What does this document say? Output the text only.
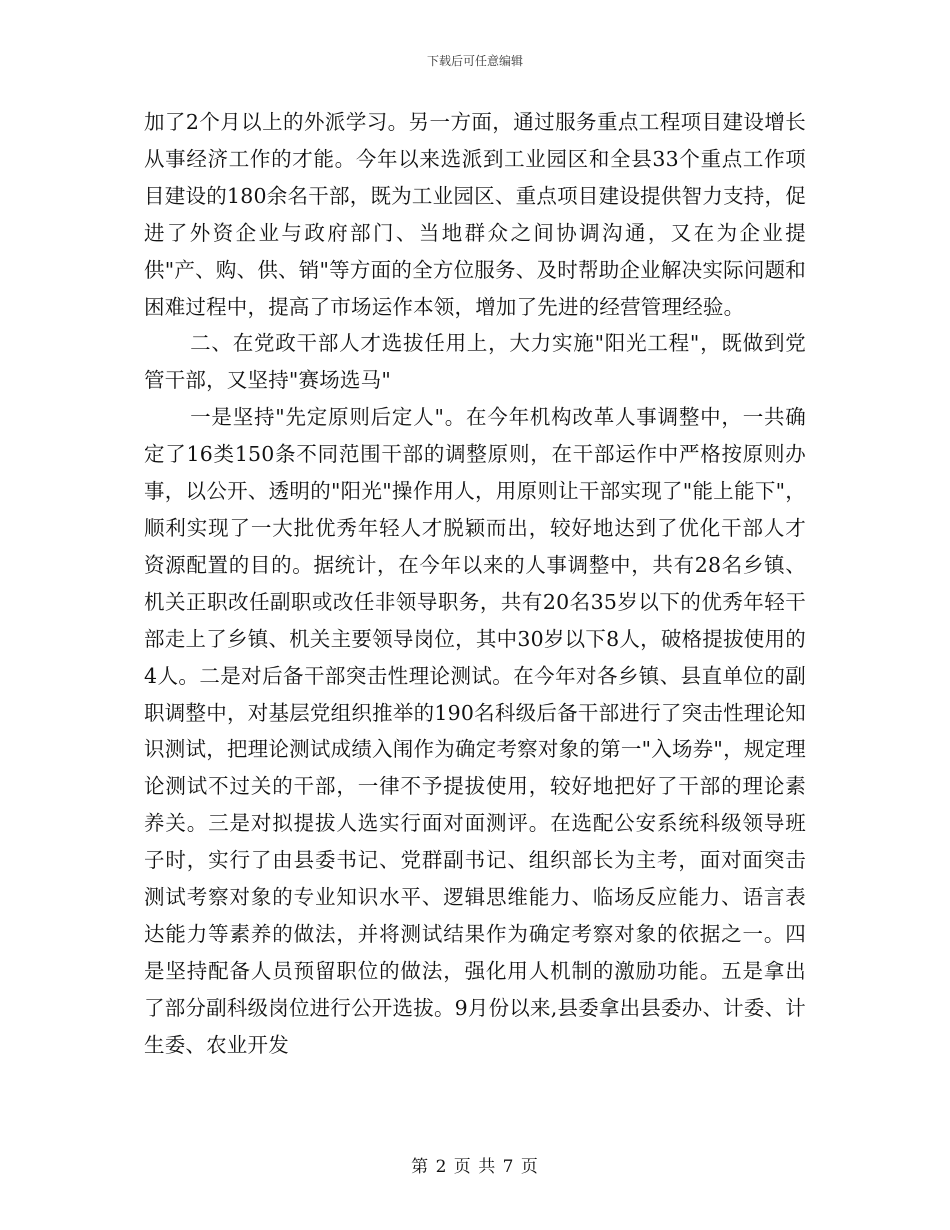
下载后可任意编辑

加了2个月以上的外派学习。另一方面，通过服务重点工程项目建设增长从事经济工作的才能。今年以来选派到工业园区和全县33个重点工作项目建设的180余名干部，既为工业园区、重点项目建设提供智力支持，促进了外资企业与政府部门、当地群众之间协调沟通，又在为企业提供"产、购、供、销"等方面的全方位服务、及时帮助企业解决实际问题和困难过程中，提高了市场运作本领，增加了先进的经营管理经验。

二、在党政干部人才选拔任用上，大力实施"阳光工程"，既做到党管干部，又坚持"赛场选马"

一是坚持"先定原则后定人"。在今年机构改革人事调整中，一共确定了16类150条不同范围干部的调整原则，在干部运作中严格按原则办事，以公开、透明的"阳光"操作用人，用原则让干部实现了"能上能下"，顺利实现了一大批优秀年轻人才脱颖而出，较好地达到了优化干部人才资源配置的目的。据统计，在今年以来的人事调整中，共有28名乡镇、机关正职改任副职或改任非领导职务，共有20名35岁以下的优秀年轻干部走上了乡镇、机关主要领导岗位，其中30岁以下8人，破格提拔使用的4人。二是对后备干部突击性理论测试。在今年对各乡镇、县直单位的副职调整中，对基层党组织推举的190名科级后备干部进行了突击性理论知识测试，把理论测试成绩入闱作为确定考察对象的第一"入场券"，规定理论测试不过关的干部，一律不予提拔使用，较好地把好了干部的理论素养关。三是对拟提拔人选实行面对面测评。在选配公安系统科级领导班子时，实行了由县委书记、党群副书记、组织部长为主考，面对面突击测试考察对象的专业知识水平、逻辑思维能力、临场反应能力、语言表达能力等素养的做法，并将测试结果作为确定考察对象的依据之一。四是坚持配备人员预留职位的做法，强化用人机制的激励功能。五是拿出了部分副科级岗位进行公开选拔。9月份以来,县委拿出县委办、计委、计生委、农业开发

第 2 页 共 7 页
